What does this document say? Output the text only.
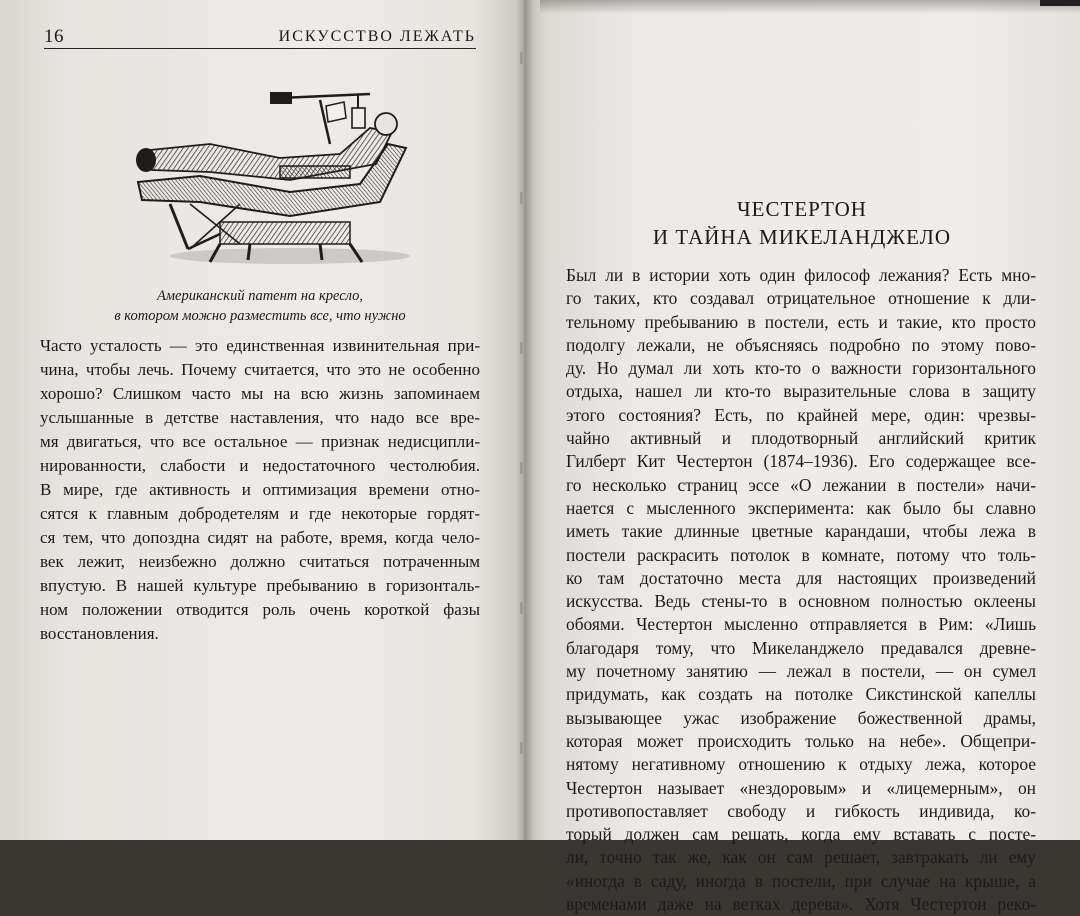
16	ИСКУССТВО ЛЕЖАТЬ
Американский патент на кресло,
в котором можно разместить все, что нужно
Часто усталость — это единственная извинительная при-
чина, чтобы лечь. Почему считается, что это не особенно
хорошо? Слишком часто мы на всю жизнь запоминаем
услышанные в детстве наставления, что надо все вре-
мя двигаться, что все остальное — признак недисципли-
нированности, слабости и недостаточного честолюбия.
В мире, где активность и оптимизация времени отно-
сятся к главным добродетелям и где некоторые гордят-
ся тем, что допоздна сидят на работе, время, когда чело-
век лежит, неизбежно должно считаться потраченным
впустую. В нашей культуре пребыванию в горизонталь-
ном положении отводится роль очень короткой фазы
восстановления.
ЧЕСТЕРТОН
И ТАЙНА МИКЕЛАНДЖЕЛО
Был ли в истории хоть один философ лежания? Есть мно-
го таких, кто создавал отрицательное отношение к дли-
тельному пребыванию в постели, есть и такие, кто просто
подолгу лежали, не объясняясь подробно по этому пово-
ду. Но думал ли хоть кто-то о важности горизонтального
отдыха, нашел ли кто-то выразительные слова в защиту
этого состояния? Есть, по крайней мере, один: чрезвы-
чайно активный и плодотворный английский критик
Гилберт Кит Честертон (1874–1936). Его содержащее все-
го несколько страниц эссе «О лежании в постели» начи-
нается с мысленного эксперимента: как было бы славно
иметь такие длинные цветные карандаши, чтобы лежа в
постели раскрасить потолок в комнате, потому что толь-
ко там достаточно места для настоящих произведений
искусства. Ведь стены-то в основном полностью оклеены
обоями. Честертон мысленно отправляется в Рим: «Лишь
благодаря тому, что Микеланджело предавался древне-
му почетному занятию — лежал в постели, — он сумел
придумать, как создать на потолке Сикстинской капеллы
вызывающее ужас изображение божественной драмы,
которая может происходить только на небе». Общепри-
нятому негативному отношению к отдыху лежа, которое
Честертон называет «нездоровым» и «лицемерным», он
противопоставляет свободу и гибкость индивида, ко-
торый должен сам решать, когда ему вставать с посте-
ли, точно так же, как он сам решает, завтракать ли ему
«иногда в саду, иногда в постели, при случае на крыше, а
временами даже на ветках дерева». Хотя Честертон реко-
